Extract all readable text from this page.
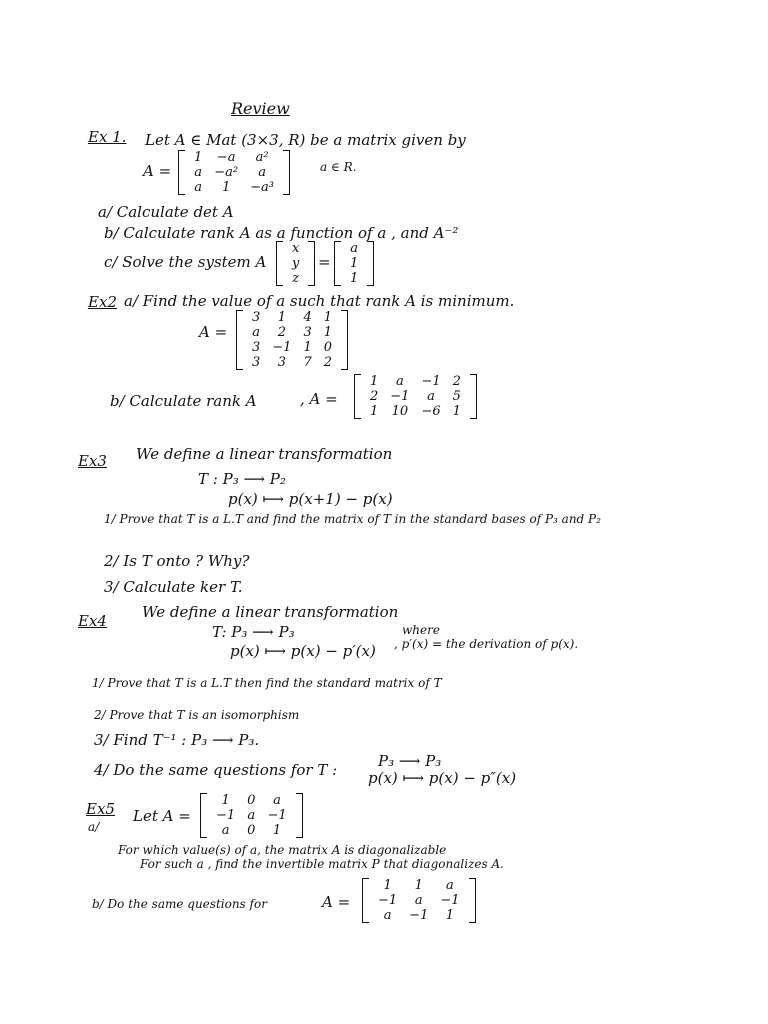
Review
Ex 1. Let A ∈ Mat (3×3, R) be a matrix given by
A =
1	−a	a²
a	−a²	a
a	1	−a³
a ∈ R.
a/ Calculate det A
b/ Calculate rank A as a function of a , and A⁻²
c/ Solve the system A
x
y
z
=
a
1
1
Ex2 a/ Find the value of a such that rank A is minimum.
A =
3	1	4	1
a	2	3	1
3	−1	1	0
3	3	7	2
b/ Calculate rank A	, A =
1	a	−1	2
2	−1	a	5
1	10	−6	1
Ex3 We define a linear transformation
T : P₃ ⟶ P₂
p(x) ⟼ p(x+1) − p(x)
1/ Prove that T is a L.T and find the matrix of T in the standard bases of P₃ and P₂
2/ Is T onto ? Why?
3/ Calculate ker T.
Ex4 We define a linear transformation
T: P₃ ⟶ P₃	where
p(x) ⟼ p(x) − p′(x) , p′(x) = the derivation of p(x).
1/ Prove that T is a L.T then find the standard matrix of T
2/ Prove that T is an isomorphism
3/ Find T⁻¹ : P₃ ⟶ P₃.
4/ Do the same questions for T :	P₃ ⟶ P₃
p(x) ⟼ p(x) − p″(x)
Ex5
a/
Let A =
1	0	a
−1	a	−1
a	0	1
For which value(s) of a, the matrix A is diagonalizable
For such a , find the invertible matrix P that diagonalizes A.
b/ Do the same questions for	A =
1	1	a
−1	a	−1
a	−1	1
